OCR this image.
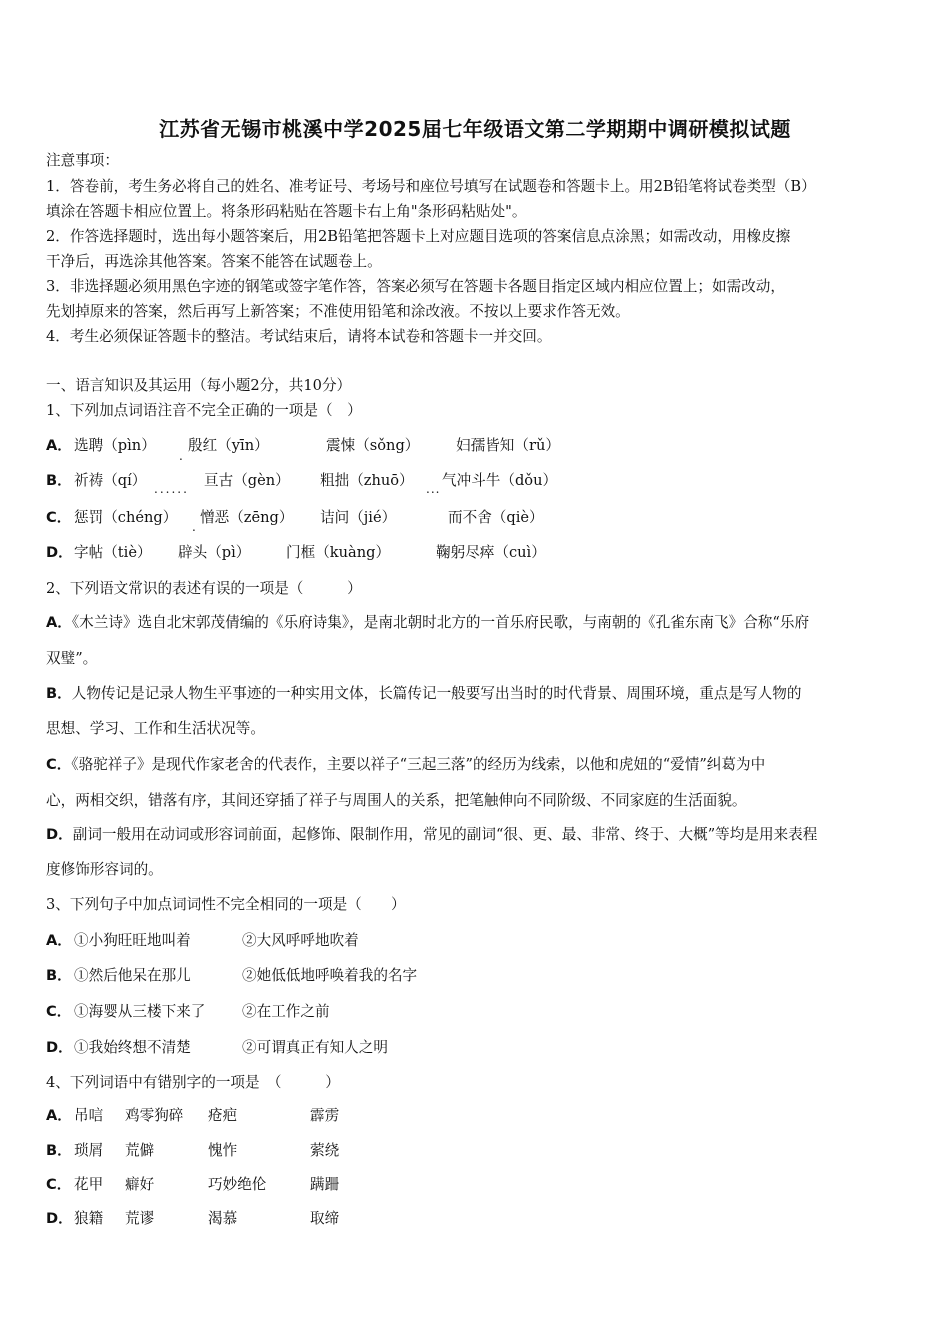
江苏省无锡市桃溪中学2025届七年级语文第二学期期中调研模拟试题
注意事项：
1．答卷前，考生务必将自己的姓名、准考证号、考场号和座位号填写在试题卷和答题卡上。用2B铅笔将试卷类型（B）
填涂在答题卡相应位置上。将条形码粘贴在答题卡右上角"条形码粘贴处"。
2．作答选择题时，选出每小题答案后，用2B铅笔把答题卡上对应题目选项的答案信息点涂黑；如需改动，用橡皮擦
干净后，再选涂其他答案。答案不能答在试题卷上。
3．非选择题必须用黑色字迹的钢笔或签字笔作答，答案必须写在答题卡各题目指定区域内相应位置上；如需改动，
先划掉原来的答案，然后再写上新答案；不准使用铅笔和涂改液。不按以上要求作答无效。
4．考生必须保证答题卡的整洁。考试结束后，请将本试卷和答题卡一并交回。
一、语言知识及其运用（每小题2分，共10分）
1、下列加点词语注音不完全正确的一项是（　）
A． 选聘（pìn） 殷红（yīn）	震悚（sǒng）	妇孺皆知（rǔ）
.
B． 祈祷（qí）	亘古（gèn） 粗拙（zhuō） 气冲斗牛（dǒu）
......	...
C． 惩罚（chéng） 憎恶（zēng） 诘问（jié）	而不舍（qiè）
.
D． 字帖（tiè） 辟头（pì） 门框（kuàng）	鞠躬尽瘁（cuì）
2、下列语文常识的表述有误的一项是（　　　）
A．《木兰诗》选自北宋郭茂倩编的《乐府诗集》，是南北朝时北方的一首乐府民歌，与南朝的《孔雀东南飞》合称“乐府
双璧”。
B．人物传记是记录人物生平事迹的一种实用文体，长篇传记一般要写出当时的时代背景、周围环境，重点是写人物的
思想、学习、工作和生活状况等。
C．《骆驼祥子》是现代作家老舍的代表作，主要以祥子“三起三落”的经历为线索，以他和虎妞的“爱情”纠葛为中
心，两相交织，错落有序，其间还穿插了祥子与周围人的关系，把笔触伸向不同阶级、不同家庭的生活面貌。
D．副词一般用在动词或形容词前面，起修饰、限制作用，常见的副词“很、更、最、非常、终于、大概”等均是用来表程
度修饰形容词的。
3、下列句子中加点词词性不完全相同的一项是（　　）
A． ①小狗旺旺地叫着	②大风呼呼地吹着
B． ①然后他呆在那儿	②她低低地呼唤着我的名字
C． ①海婴从三楼下来了	②在工作之前
D． ①我始终想不清楚	②可谓真正有知人之明
4、下列词语中有错别字的一项是　（　　　）
A． 吊唁 鸡零狗碎 疮疤	霹雳
B． 琐屑 荒僻	愧怍	萦绕
C． 花甲 癖好	巧妙绝伦	蹒跚
D． 狼籍 荒谬	渴慕	取缔
